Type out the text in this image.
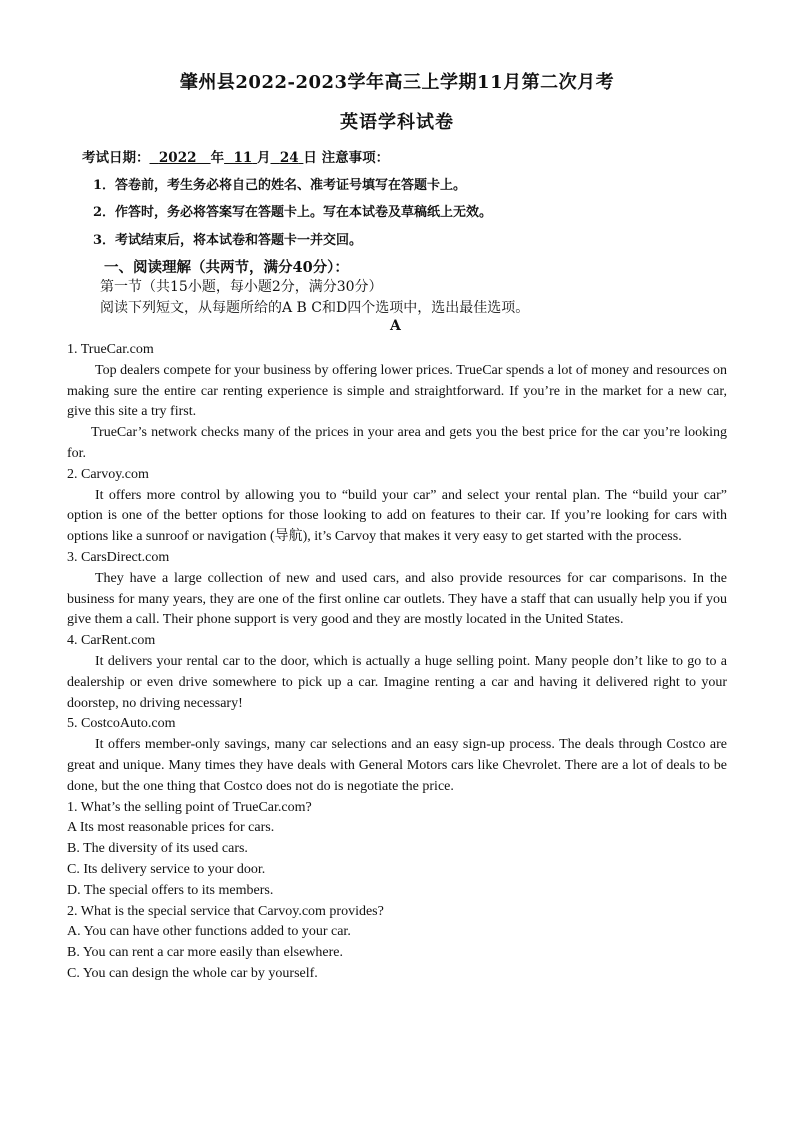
肇州县2022-2023学年高三上学期11月第二次月考
英语学科试卷
考试日期： 2022 年 11 月 24 日 注意事项：
1．答卷前，考生务必将自己的姓名、准考证号填写在答题卡上。
2．作答时，务必将答案写在答题卡上。写在本试卷及草稿纸上无效。
3．考试结束后，将本试卷和答题卡一并交回。
一、阅读理解（共两节，满分40分）：
第一节（共15小题，每小题2分，满分30分）
阅读下列短文，从每题所给的A B C和D四个选项中，选出最佳选项。
A

1. TrueCar.com

Top dealers compete for your business by offering lower prices. TrueCar spends a lot of money and resources on making sure the entire car renting experience is simple and straightforward. If you’re in the market for a new car, give this site a try first.

TrueCar’s network checks many of the prices in your area and gets you the best price for the car you’re looking for.

2. Carvoy.com

It offers more control by allowing you to “build your car” and select your rental plan. The “build your car” option is one of the better options for those looking to add on features to their car. If you’re looking for cars with options like a sunroof or navigation (导航), it’s Carvoy that makes it very easy to get started with the process.

3. CarsDirect.com

They have a large collection of new and used cars, and also provide resources for car comparisons. In the business for many years, they are one of the first online car outlets. They have a staff that can usually help you if you give them a call. Their phone support is very good and they are mostly located in the United States.

4. CarRent.com

It delivers your rental car to the door, which is actually a huge selling point. Many people don’t like to go to a dealership or even drive somewhere to pick up a car. Imagine renting a car and having it delivered right to your doorstep, no driving necessary!

5. CostcoAuto.com

It offers member-only savings, many car selections and an easy sign-up process. The deals through Costco are great and unique. Many times they have deals with General Motors cars like Chevrolet. There are a lot of deals to be done, but the one thing that Costco does not do is negotiate the price.

1. What’s the selling point of TrueCar.com?

A Its most reasonable prices for cars.

B. The diversity of its used cars.

C. Its delivery service to your door.

D. The special offers to its members.

2. What is the special service that Carvoy.com provides?

A. You can have other functions added to your car.

B. You can rent a car more easily than elsewhere.

C. You can design the whole car by yourself.
